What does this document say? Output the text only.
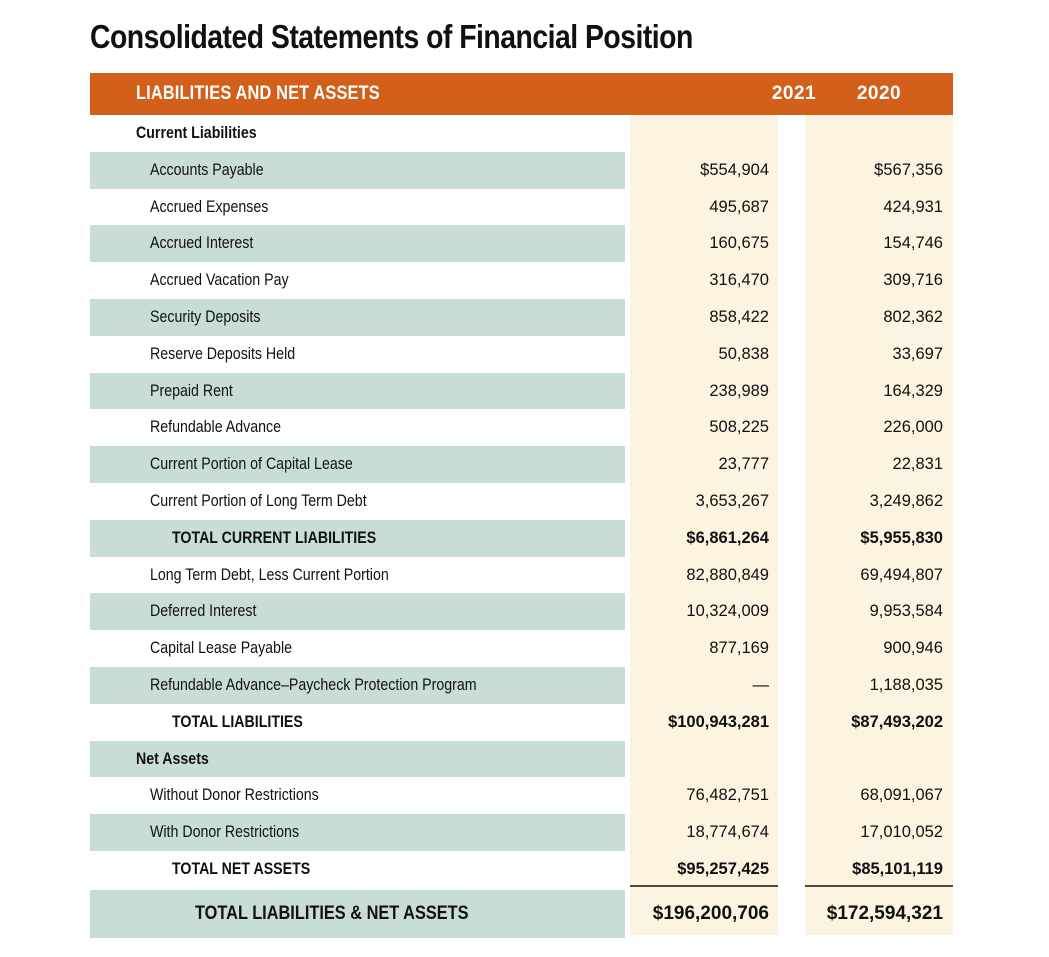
Consolidated Statements of Financial Position
LIABILITIES AND NET ASSETS	2021	2020
Current Liabilities
Accounts Payable	$554,904	$567,356
Accrued Expenses	495,687	424,931
Accrued Interest	160,675	154,746
Accrued Vacation Pay	316,470	309,716
Security Deposits	858,422	802,362
Reserve Deposits Held	50,838	33,697
Prepaid Rent	238,989	164,329
Refundable Advance	508,225	226,000
Current Portion of Capital Lease	23,777	22,831
Current Portion of Long Term Debt	3,653,267	3,249,862
TOTAL CURRENT LIABILITIES	$6,861,264	$5,955,830
Long Term Debt, Less Current Portion	82,880,849	69,494,807
Deferred Interest	10,324,009	9,953,584
Capital Lease Payable	877,169	900,946
Refundable Advance–Paycheck Protection Program	—	1,188,035
TOTAL LIABILITIES	$100,943,281	$87,493,202
Net Assets
Without Donor Restrictions	76,482,751	68,091,067
With Donor Restrictions	18,774,674	17,010,052
TOTAL NET ASSETS	$95,257,425	$85,101,119
TOTAL LIABILITIES & NET ASSETS	$196,200,706	$172,594,321
